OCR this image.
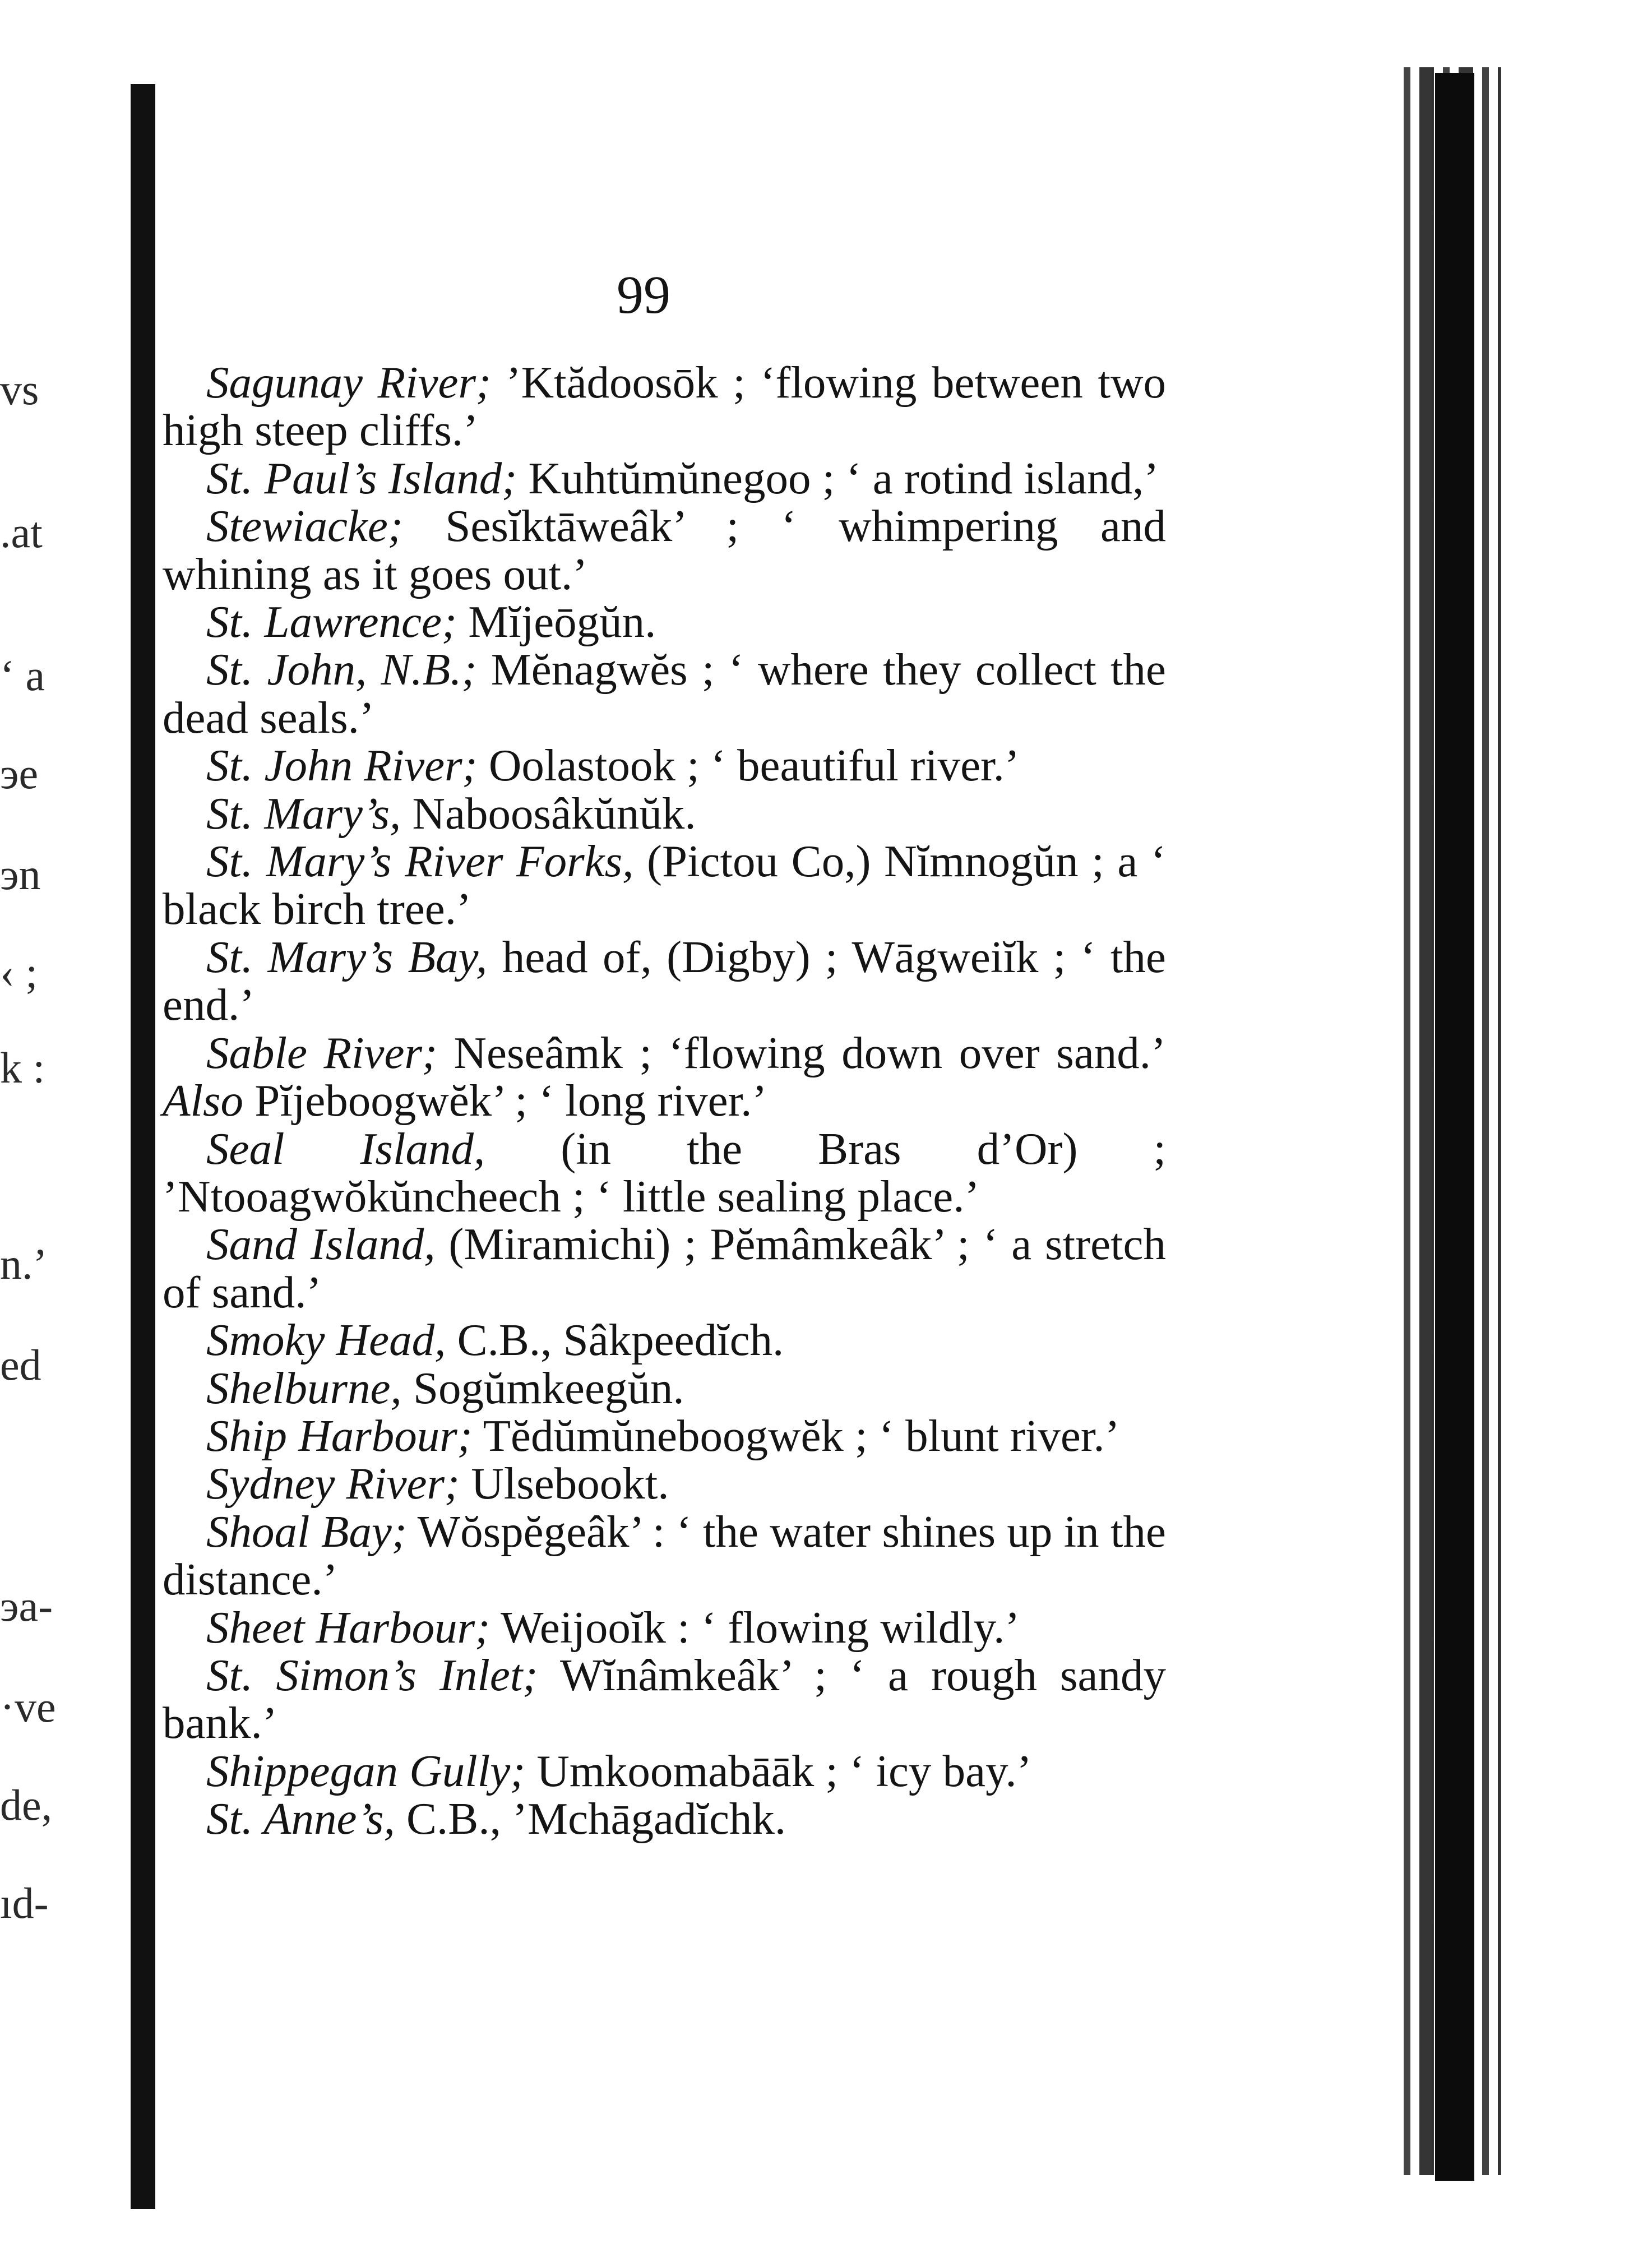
vs
.at
‘ a
эе
эn
‹ ;
k :
n.’
ed
эa-
·ve
de,
ıd-
99

Sagunay River; ’Ktădoosōk ; ‘flowing between two high steep cliffs.’

St. Paul’s Island; Kuhtŭmŭnegoo ; ‘ a rotind island,’

Stewiacke; Sesĭktāweâk’ ; ‘ whimpering and whining as it goes out.’

St. Lawrence; Mĭjeōgŭn.

St. John, N.B.; Mĕnagwĕs ; ‘ where they collect the dead seals.’

St. John River; Oolastook ; ‘ beautiful river.’

St. Mary’s, Naboosâkŭnŭk.

St. Mary’s River Forks, (Pictou Co,) Nĭmnogŭn ; a ‘ black birch tree.’

St. Mary’s Bay, head of, (Digby) ; Wāgweiĭk ; ‘ the end.’

Sable River; Neseâmk ; ‘flowing down over sand.’ Also Pĭjeboogwĕk’ ; ‘ long river.’

Seal Island, (in the Bras d’Or) ; ’Ntooagwŏkŭncheech ; ‘ little sealing place.’

Sand Island, (Miramichi) ; Pĕmâmkeâk’ ; ‘ a stretch of sand.’

Smoky Head, C.B., Sâkpeedĭch.

Shelburne, Sogŭmkeegŭn.

Ship Harbour; Tĕdŭmŭneboogwĕk ; ‘ blunt river.’

Sydney River; Ulsebookt.

Shoal Bay; Wŏspĕgeâk’ : ‘ the water shines up in the distance.’

Sheet Harbour; Weijooĭk : ‘ flowing wildly.’

St. Simon’s Inlet; Wĭnâmkeâk’ ; ‘ a rough sandy bank.’

Shippegan Gully; Umkoomabāāk ; ‘ icy bay.’

St. Anne’s, C.B., ’Mchāgadĭchk.
